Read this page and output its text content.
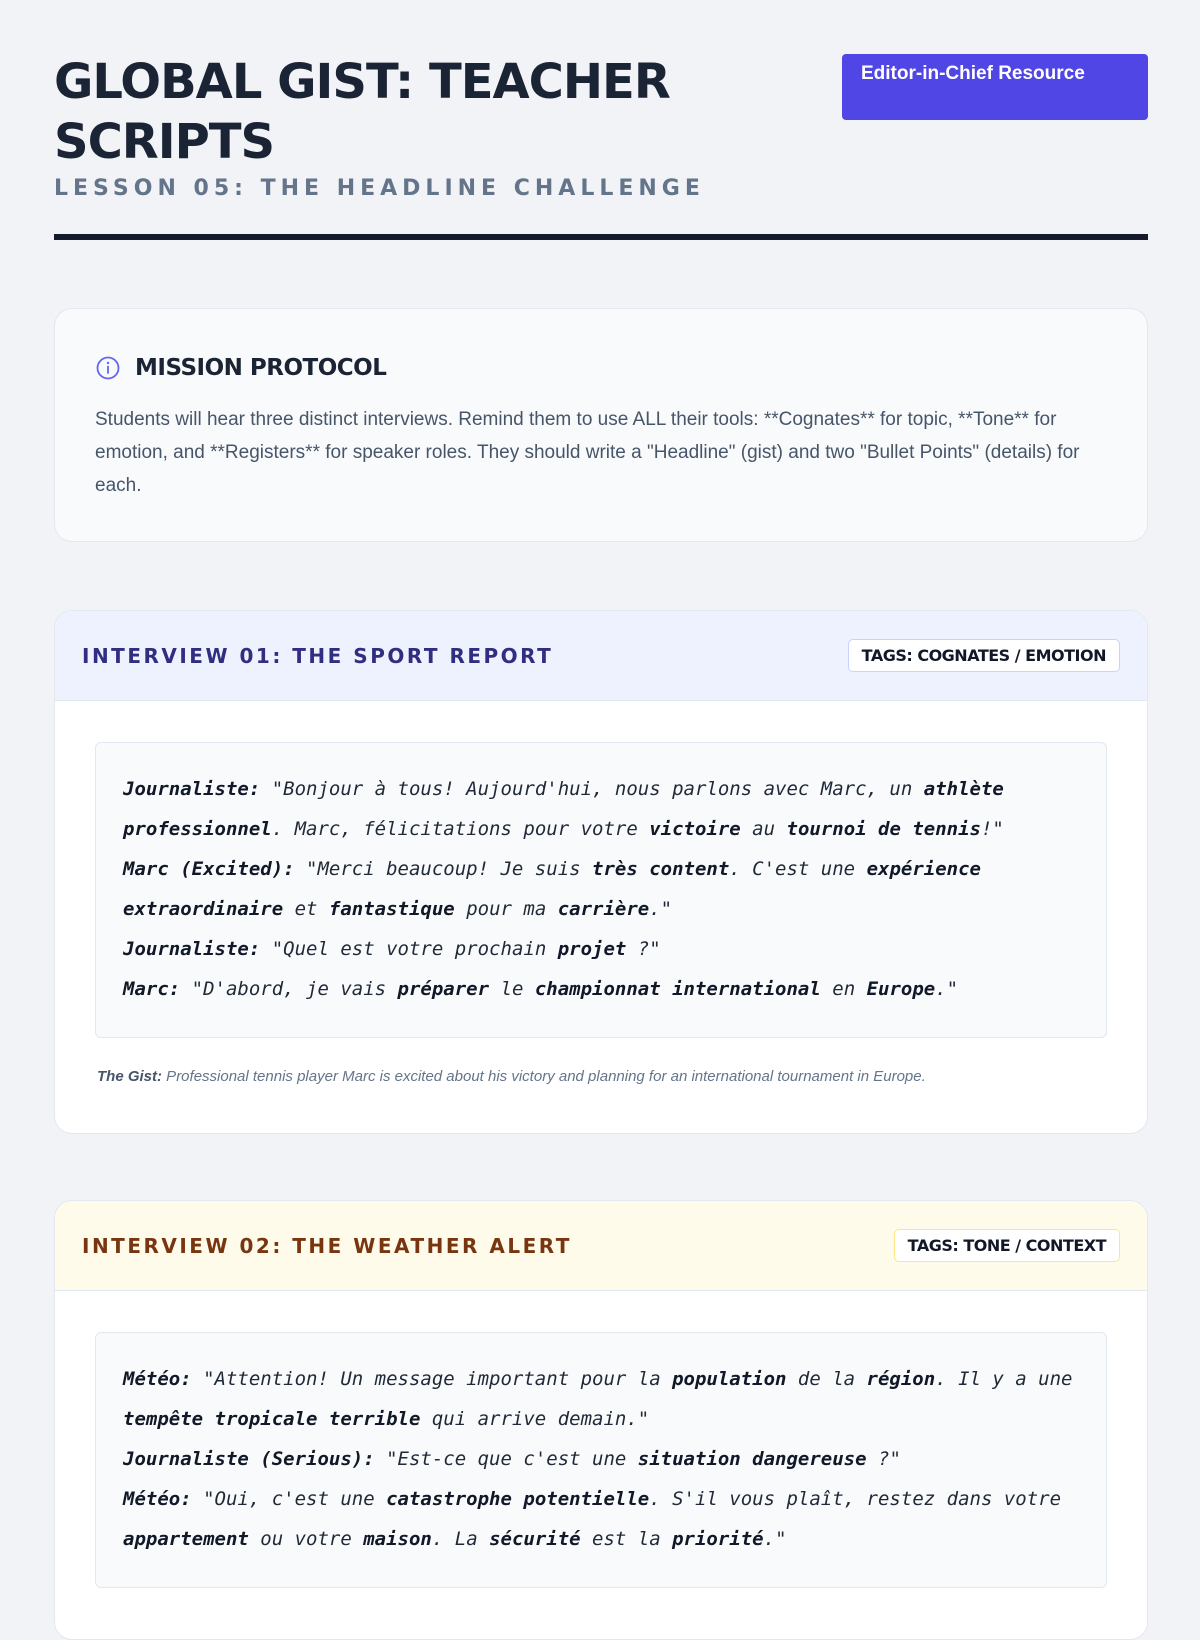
GLOBAL GIST: TEACHER SCRIPTS
LESSON 05: THE HEADLINE CHALLENGE
Editor-in-Chief Resource
MISSION PROTOCOL
Students will hear three distinct interviews. Remind them to use ALL their tools: **Cognates** for topic, **Tone** for emotion, and **Registers** for speaker roles. They should write a "Headline" (gist) and two "Bullet Points" (details) for each.
INTERVIEW 01: THE SPORT REPORT	TAGS: COGNATES / EMOTION

Journaliste: "Bonjour à tous! Aujourd'hui, nous parlons avec Marc, un athlète professionnel. Marc, félicitations pour votre victoire au tournoi de tennis!"

Marc (Excited): "Merci beaucoup! Je suis très content. C'est une expérience extraordinaire et fantastique pour ma carrière."

Journaliste: "Quel est votre prochain projet ?"

Marc: "D'abord, je vais préparer le championnat international en Europe."

The Gist: Professional tennis player Marc is excited about his victory and planning for an international tournament in Europe.
INTERVIEW 02: THE WEATHER ALERT	TAGS: TONE / CONTEXT

Météo: "Attention! Un message important pour la population de la région. Il y a une tempête tropicale terrible qui arrive demain."

Journaliste (Serious): "Est-ce que c'est une situation dangereuse ?"

Météo: "Oui, c'est une catastrophe potentielle. S'il vous plaît, restez dans votre appartement ou votre maison. La sécurité est la priorité."
